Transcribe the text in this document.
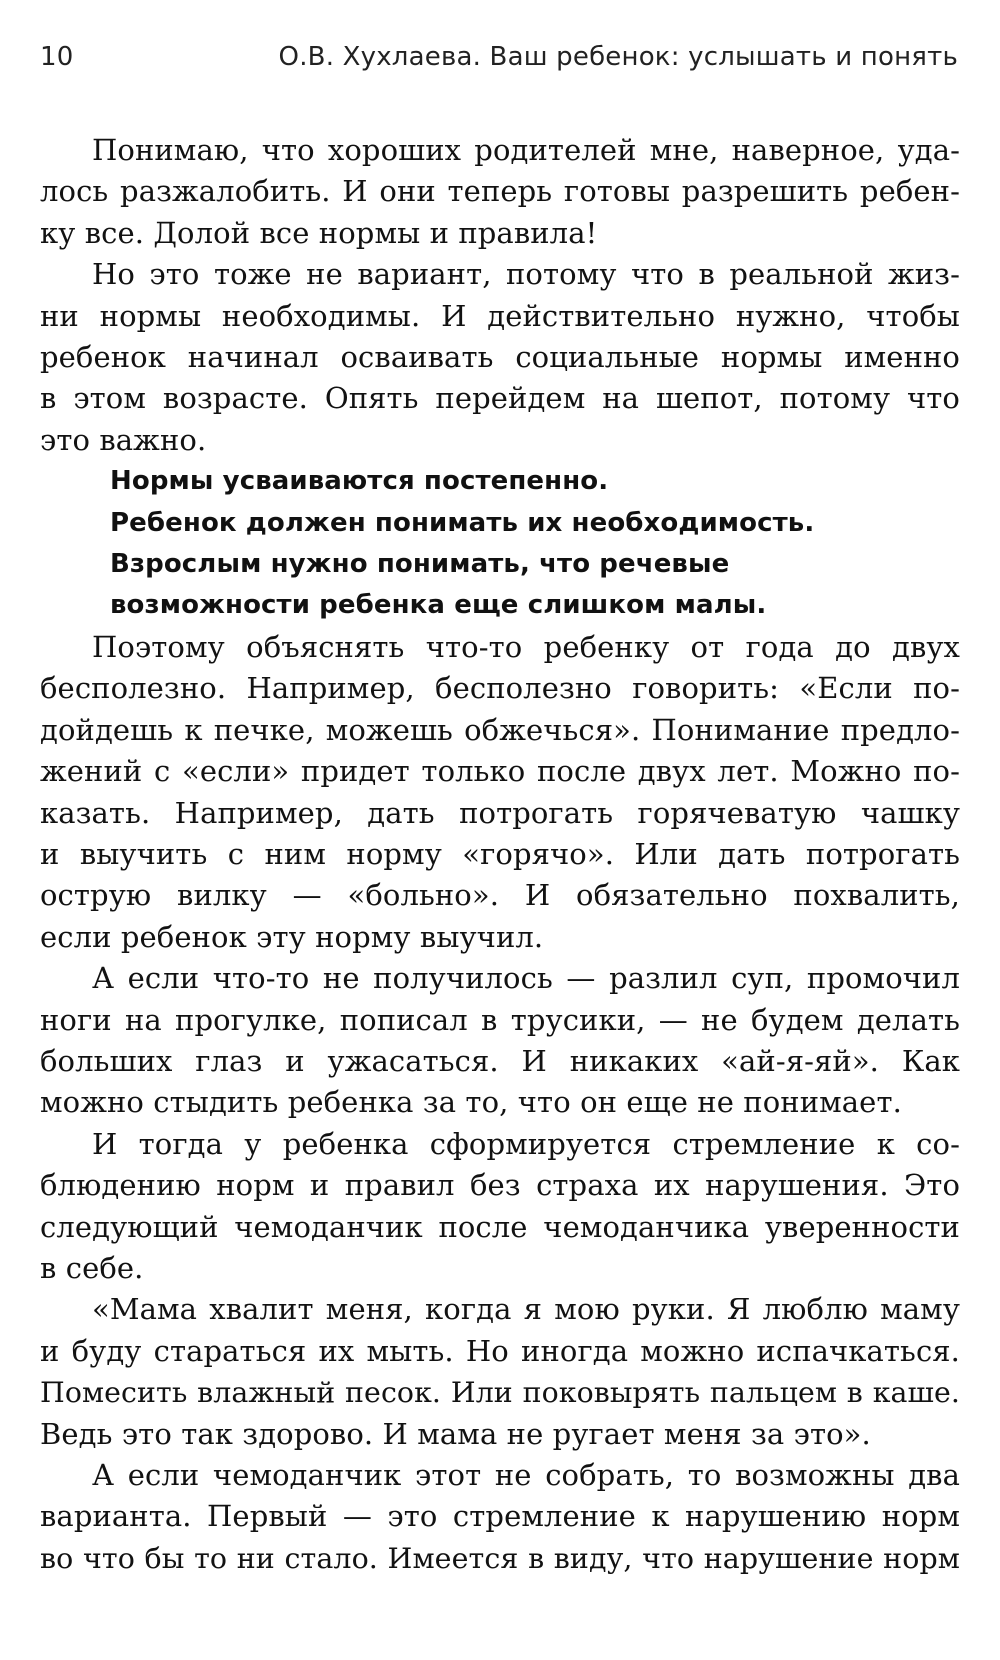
10	О.В. Хухлаева. Ваш ребенок: услышать и понять
Понимаю, что хороших родителей мне, наверное, уда-
лось разжалобить. И они теперь готовы разрешить ребен-
ку все. Долой все нормы и правила!
Но это тоже не вариант, потому что в реальной жиз-
ни нормы необходимы. И действительно нужно, чтобы
ребенок начинал осваивать социальные нормы именно
в этом возрасте. Опять перейдем на шепот, потому что
это важно.
Нормы усваиваются постепенно.
Ребенок должен понимать их необходимость.
Взрослым нужно понимать, что речевые
возможности ребенка еще слишком малы.
Поэтому объяснять что-то ребенку от года до двух
бесполезно. Например, бесполезно говорить: «Если по-
дойдешь к печке, можешь обжечься». Понимание предло-
жений с «если» придет только после двух лет. Можно по-
казать. Например, дать потрогать горячеватую чашку
и выучить с ним норму «горячо». Или дать потрогать
острую вилку — «больно». И обязательно похвалить,
если ребенок эту норму выучил.
А если что-то не получилось — разлил суп, промочил
ноги на прогулке, пописал в трусики, — не будем делать
больших глаз и ужасаться. И никаких «ай-я-яй». Как
можно стыдить ребенка за то, что он еще не понимает.
И тогда у ребенка сформируется стремление к со-
блюдению норм и правил без страха их нарушения. Это
следующий чемоданчик после чемоданчика уверенности
в себе.
«Мама хвалит меня, когда я мою руки. Я люблю маму
и буду стараться их мыть. Но иногда можно испачкаться.
Помесить влажный песок. Или поковырять пальцем в каше.
Ведь это так здорово. И мама не ругает меня за это».
А если чемоданчик этот не собрать, то возможны два
варианта. Первый — это стремление к нарушению норм
во что бы то ни стало. Имеется в виду, что нарушение норм
